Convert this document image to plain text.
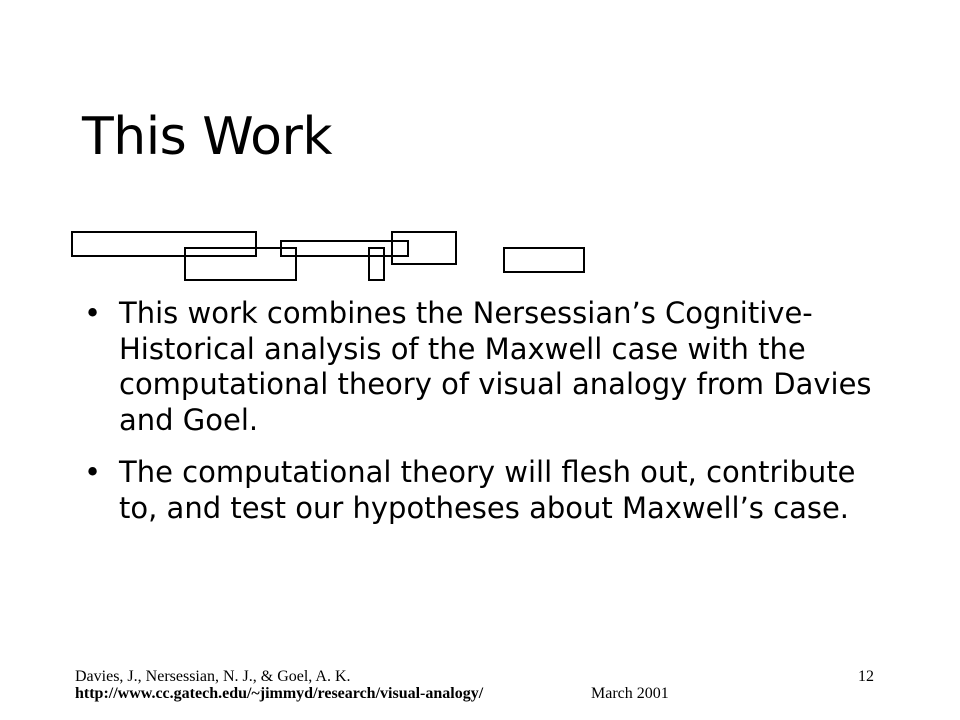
This Work
• This work combines the Nersessian’s Cognitive-Historical analysis of the Maxwell case with the computational theory of visual analogy from Davies and Goel.
• The computational theory will flesh out, contribute to, and test our hypotheses about Maxwell’s case.
Davies, J., Nersessian, N. J., & Goel, A. K.
http://www.cc.gatech.edu/~jimmyd/research/visual-analogy/	March 2001
12
